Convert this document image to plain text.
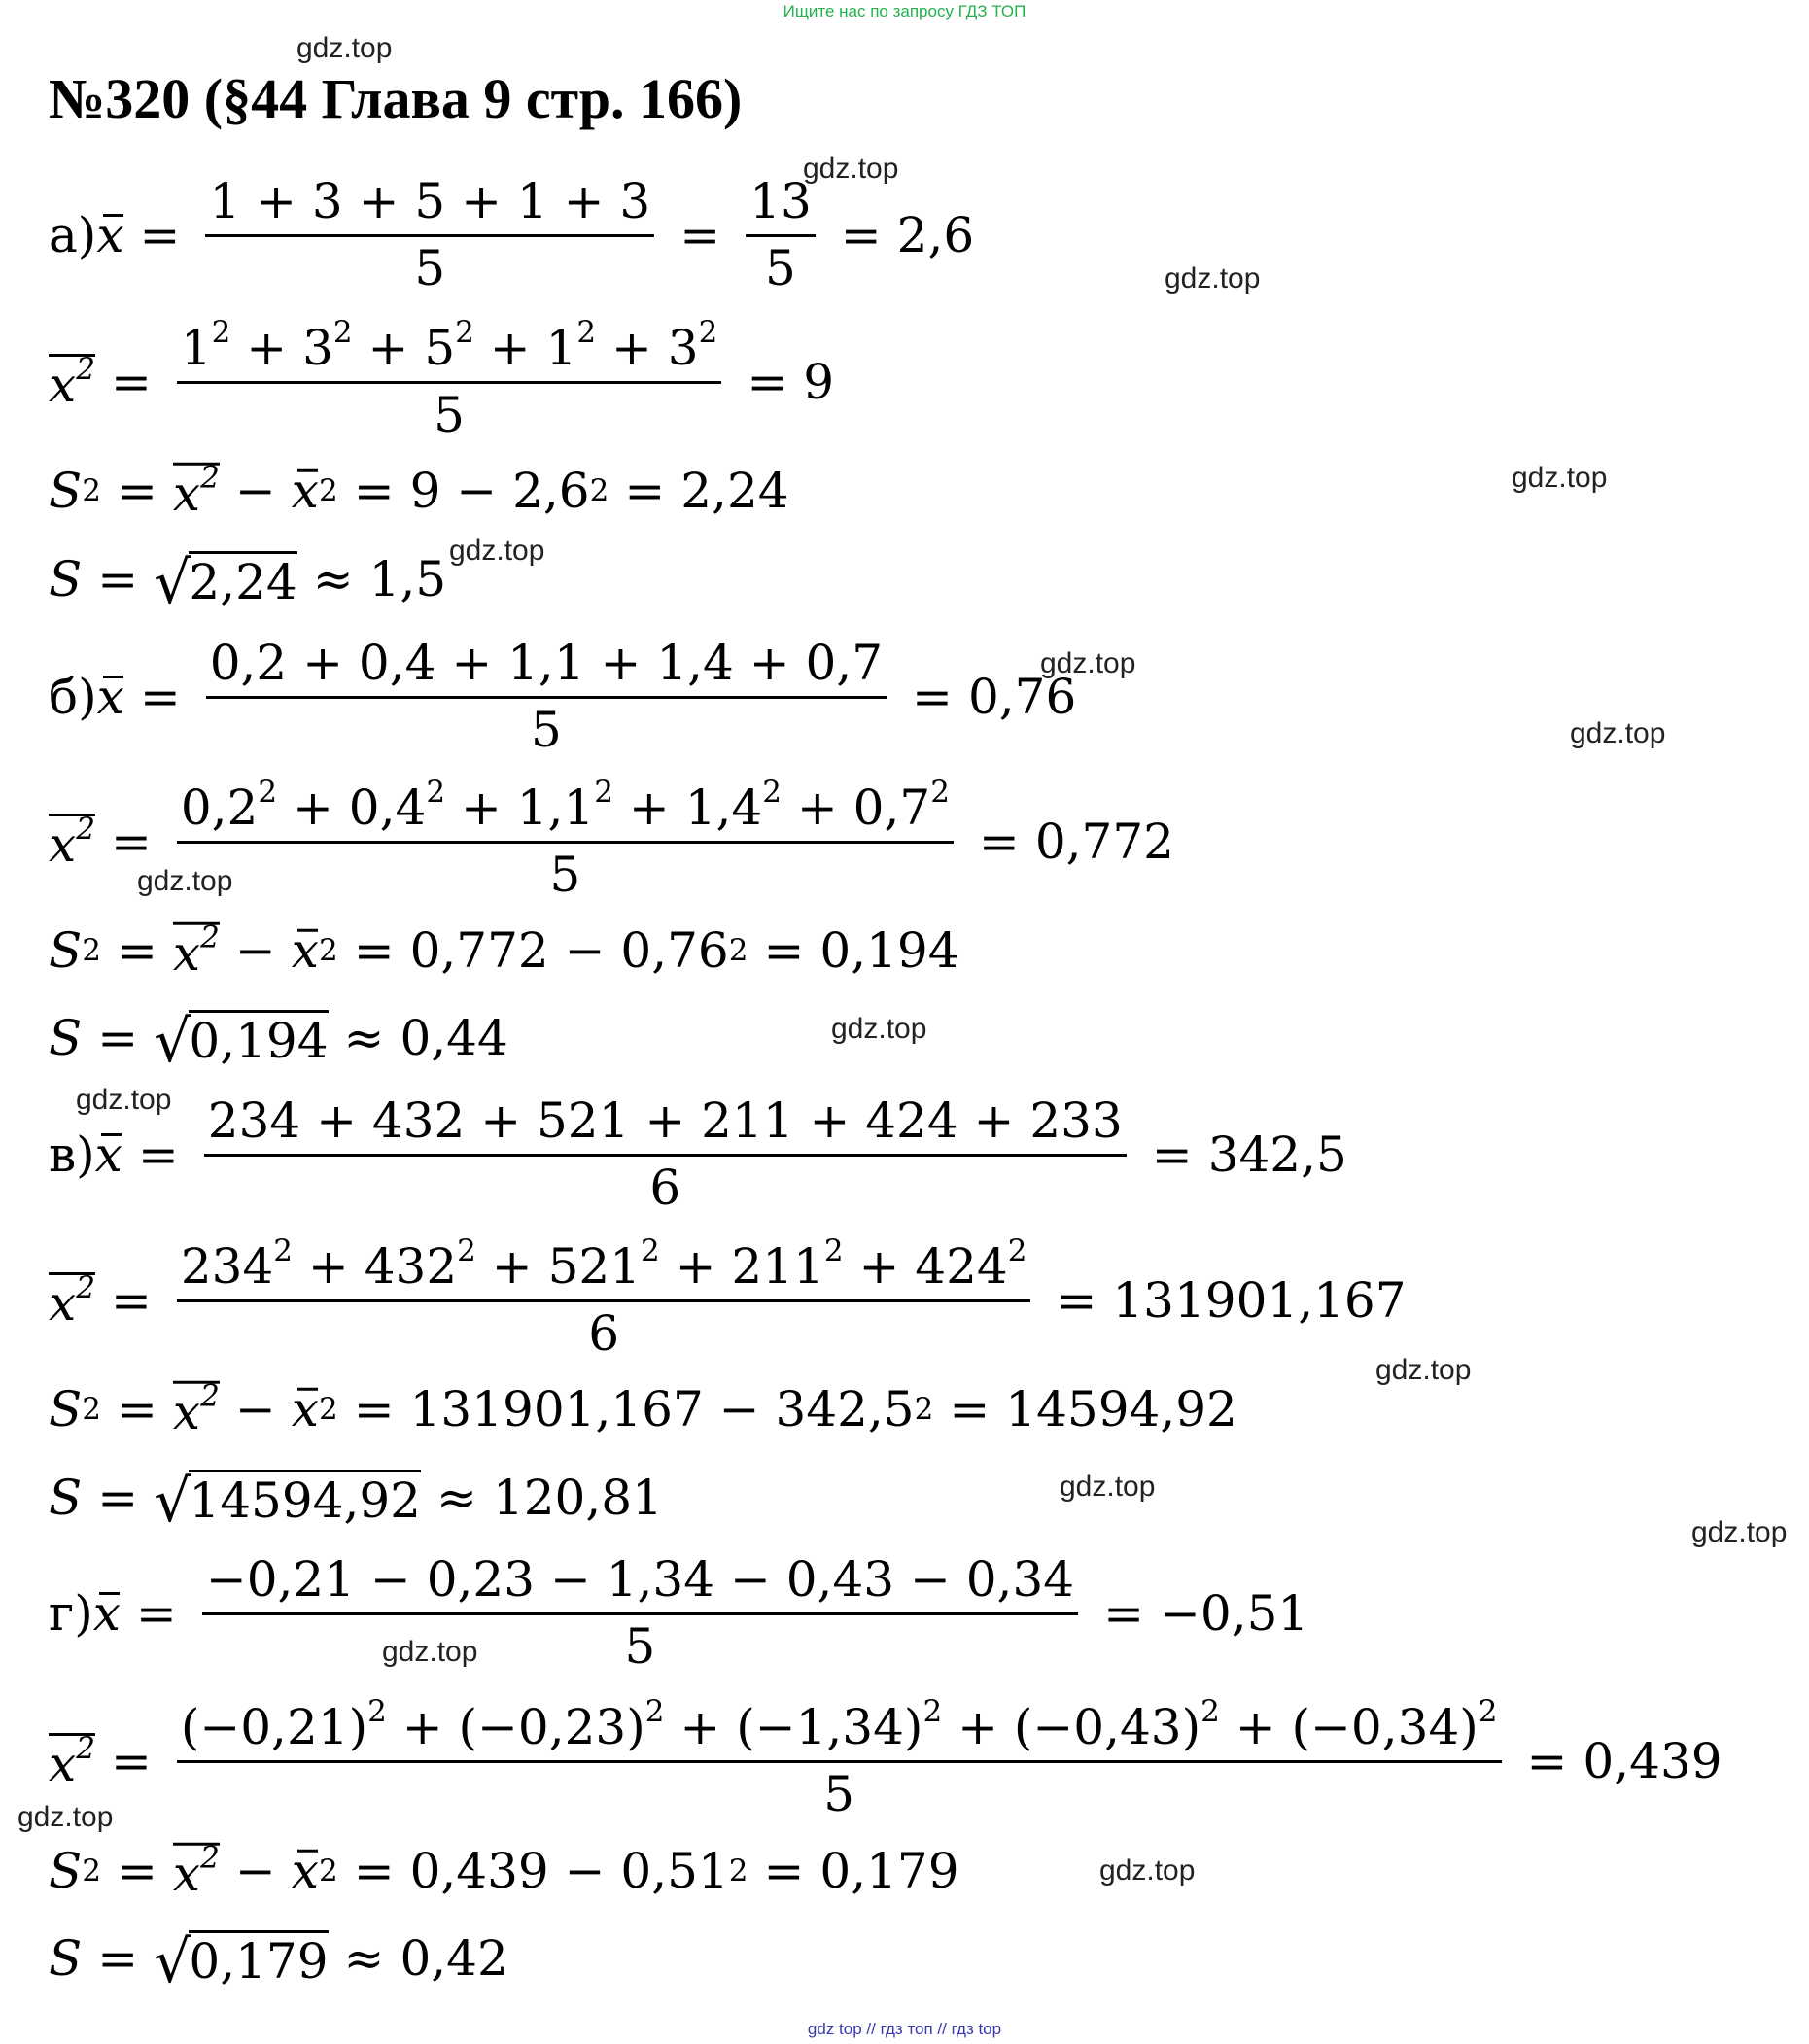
Ищите нас по запросу ГДЗ ТОП
№320 (§44 Глава 9 стр. 166)
gdz.top
gdz.top
gdz.top
gdz.top
gdz.top
gdz.top
gdz.top
gdz.top
gdz.top
gdz.top
gdz.top
gdz.top
gdz.top
gdz.top
gdz.top
gdz.top
а) $x = \frac{1 + 3 + 5 + 1 + 3}{5} = \frac{13}{5} = 2,6$
$x^2 = \frac{1^2 + 3^2 + 5^2 + 1^2 + 3^2}{5} = 9$
S $2 = x^2 - x$ 2 = 9 − 2,6 2 = 2,24
S = √
2,24 ≈ 1,5
б) $x = \frac{0,2 + 0,4 + 1,1 + 1,4 + 0,7}{5} = 0,76$
$x^2 = \frac{0,2^2 + 0,4^2 + 1,1^2 + 1,4^2 + 0,7^2}{5} = 0,772$
S $2 = x^2 - x$ 2 = 0,772 − 0,76 2 = 0,194
S = √
0,194 ≈ 0,44
в) $x = \frac{234 + 432 + 521 + 211 + 424 + 233}{6} = 342,5$
$x^2 = \frac{234^2 + 432^2 + 521^2 + 211^2 + 424^2}{6} = 131901,167$
S $2 = x^2 - x$ 2 = 131901,167 − 342,5 2 = 14594,92
S = √
14594,92 ≈ 120,81
г) $x = \frac{-0,21 - 0,23 - 1,34 - 0,43 - 0,34}{5} = -0,51$
$x^2 = \frac{(-0,21)^2 + (-0,23)^2 + (-1,34)^2 + (-0,43)^2 + (-0,34)^2}{5} = 0,439$
S $2 = x^2 - x$ 2 = 0,439 − 0,51 2 = 0,179
S = √
0,179 ≈ 0,42
gdz top // гдз топ // гдз top
